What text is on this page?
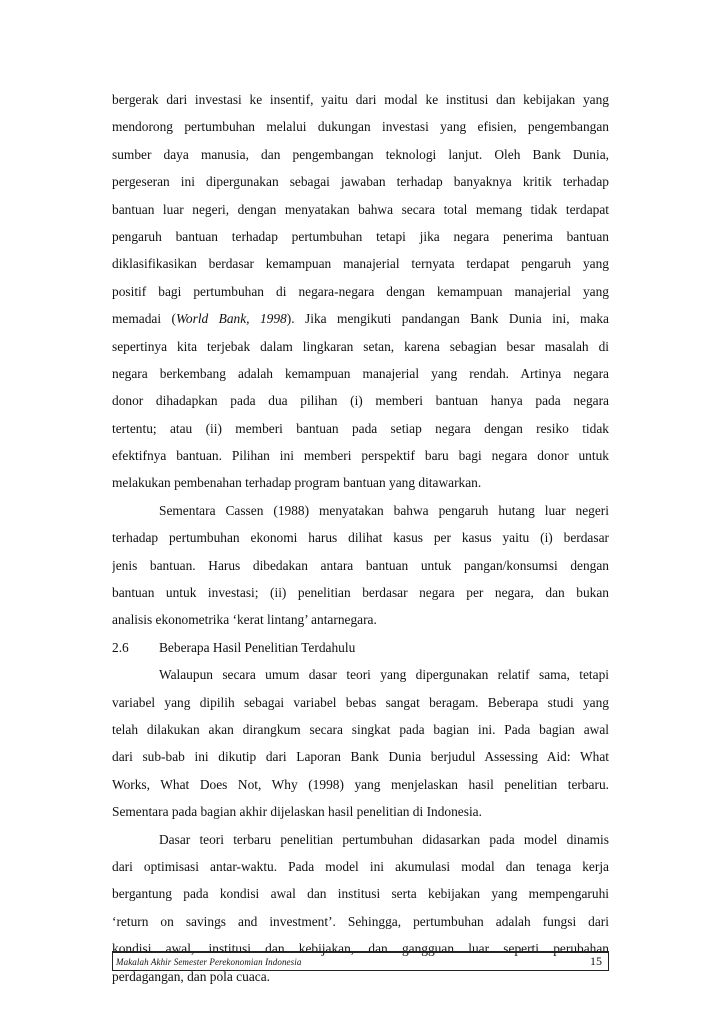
bergerak dari investasi ke insentif, yaitu dari modal ke institusi dan kebijakan yang
mendorong pertumbuhan melalui dukungan investasi yang efisien, pengembangan
sumber daya manusia, dan pengembangan teknologi lanjut. Oleh Bank Dunia,
pergeseran ini dipergunakan sebagai jawaban terhadap banyaknya kritik terhadap
bantuan luar negeri, dengan menyatakan bahwa secara total memang tidak terdapat
pengaruh bantuan terhadap pertumbuhan tetapi jika negara penerima bantuan
diklasifikasikan berdasar kemampuan manajerial ternyata terdapat pengaruh yang
positif bagi pertumbuhan di negara-negara dengan kemampuan manajerial yang
memadai (World Bank, 1998). Jika mengikuti pandangan Bank Dunia ini, maka
sepertinya kita terjebak dalam lingkaran setan, karena sebagian besar masalah di
negara berkembang adalah kemampuan manajerial yang rendah. Artinya negara
donor dihadapkan pada dua pilihan (i) memberi bantuan hanya pada negara
tertentu; atau (ii) memberi bantuan pada setiap negara dengan resiko tidak
efektifnya bantuan. Pilihan ini memberi perspektif baru bagi negara donor untuk
melakukan pembenahan terhadap program bantuan yang ditawarkan.
Sementara Cassen (1988) menyatakan bahwa pengaruh hutang luar negeri
terhadap pertumbuhan ekonomi harus dilihat kasus per kasus yaitu (i) berdasar
jenis bantuan. Harus dibedakan antara bantuan untuk pangan/konsumsi dengan
bantuan untuk investasi; (ii) penelitian berdasar negara per negara, dan bukan
analisis ekonometrika ‘kerat lintang’ antarnegara.
2.6 Beberapa Hasil Penelitian Terdahulu
Walaupun secara umum dasar teori yang dipergunakan relatif sama, tetapi
variabel yang dipilih sebagai variabel bebas sangat beragam. Beberapa studi yang
telah dilakukan akan dirangkum secara singkat pada bagian ini. Pada bagian awal
dari sub-bab ini dikutip dari Laporan Bank Dunia berjudul Assessing Aid: What
Works, What Does Not, Why (1998) yang menjelaskan hasil penelitian terbaru.
Sementara pada bagian akhir dijelaskan hasil penelitian di Indonesia.
Dasar teori terbaru penelitian pertumbuhan didasarkan pada model dinamis
dari optimisasi antar-waktu. Pada model ini akumulasi modal dan tenaga kerja
bergantung pada kondisi awal dan institusi serta kebijakan yang mempengaruhi
‘return on savings and investment’. Sehingga, pertumbuhan adalah fungsi dari
kondisi awal, institusi dan kebijakan, dan gangguan luar seperti perubahan
perdagangan, dan pola cuaca.
Makalah Akhir Semester Perekonomian Indonesia	15
